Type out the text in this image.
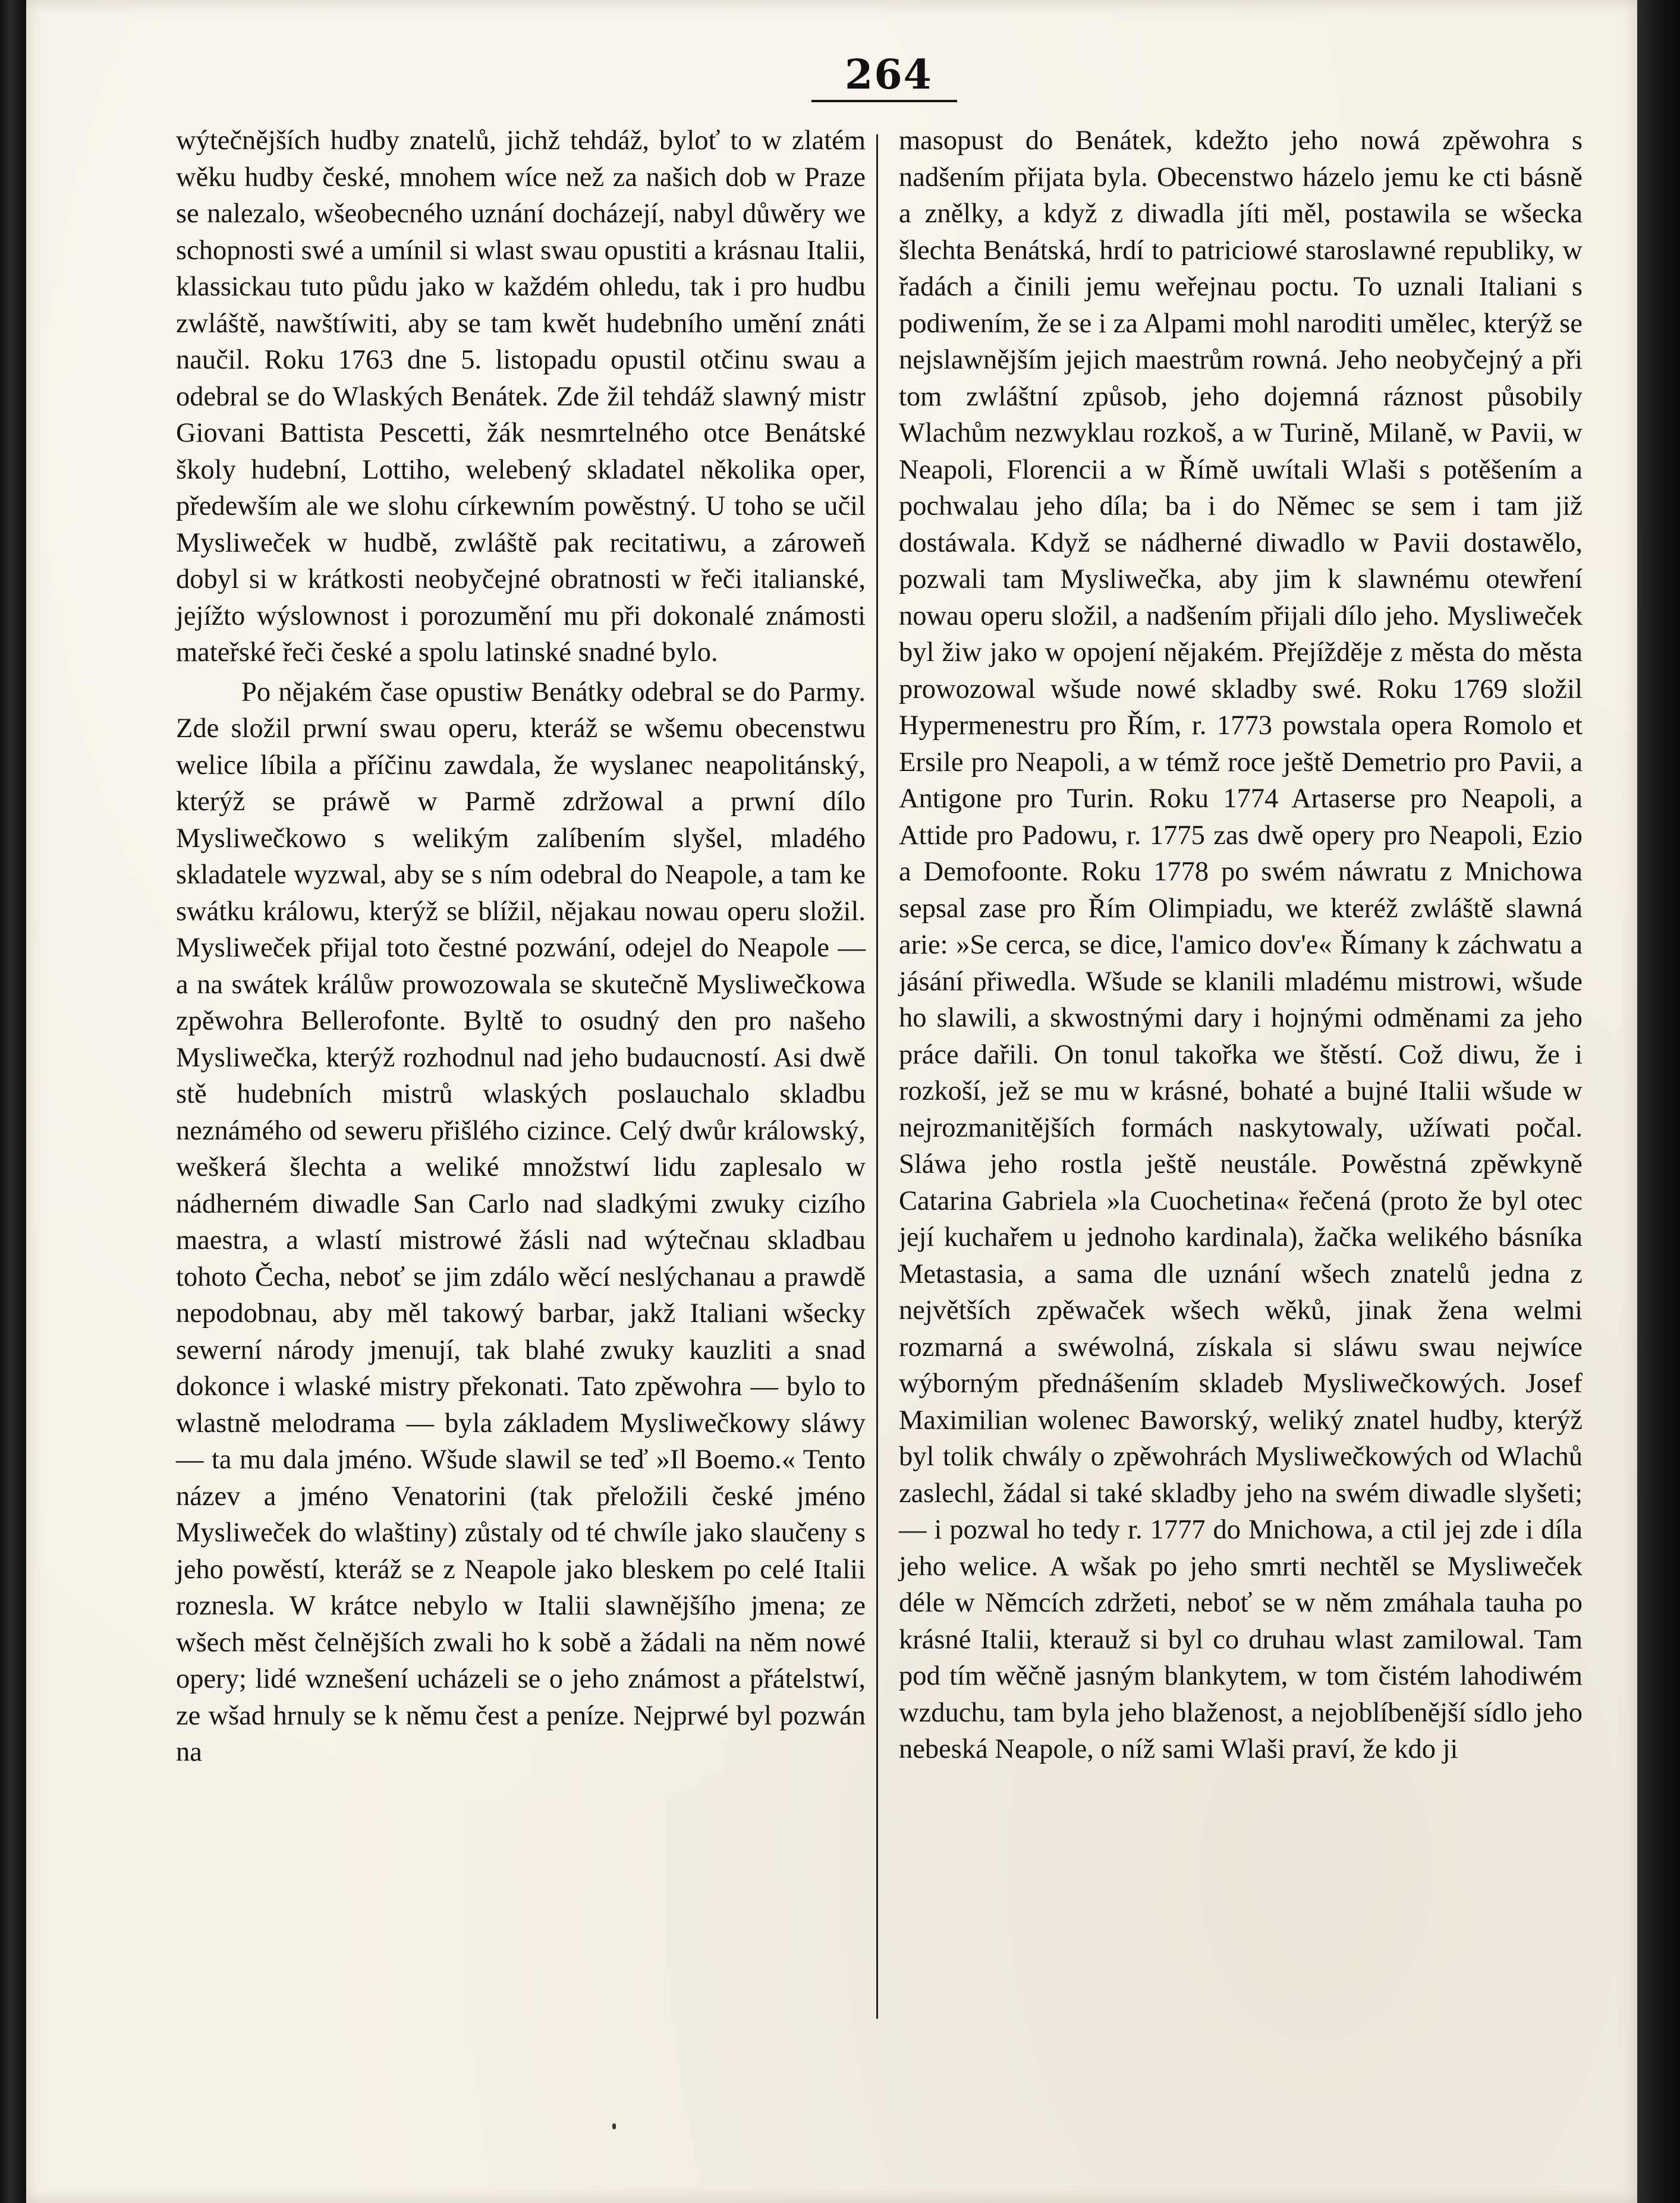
264

wýtečnějších hudby znatelů, jichž tehdáž, byloť to w zlatém wěku hudby české, mnohem wíce než za našich dob w Praze se nalezalo, wšeobecného uznání docházejí, nabyl důwěry we schopnosti swé a umínil si wlast swau opustiti a krásnau Italii, klassickau tuto půdu jako w každém ohledu, tak i pro hudbu zwláště, nawštíwiti, aby se tam kwět hudebního umění znáti naučil. Roku 1763 dne 5. listopadu opustil otčinu swau a odebral se do Wlaských Benátek. Zde žil tehdáž slawný mistr Giovani Battista Pescetti, žák nesmrtelného otce Benátské školy hudební, Lottiho, welebený skladatel několika oper, předewším ale we slohu církewním powěstný. U toho se učil Mysliweček w hudbě, zwláště pak recitatiwu, a zároweň dobyl si w krátkosti neobyčejné obratnosti w řeči italianské, jejížto wýslownost i porozumění mu při dokonalé známosti mateřské řeči české a spolu latinské snadné bylo.

Po nějakém čase opustiw Benátky odebral se do Parmy. Zde složil prwní swau operu, kteráž se wšemu obecenstwu welice líbila a příčinu zawdala, že wyslanec neapolitánský, kterýž se práwě w Parmě zdržowal a prwní dílo Mysliwečkowo s welikým zalíbením slyšel, mladého skladatele wyzwal, aby se s ním odebral do Neapole, a tam ke swátku králowu, kterýž se blížil, nějakau nowau operu složil. Mysliweček přijal toto čestné pozwání, odejel do Neapole — a na swátek králůw prowozowala se skutečně Mysliwečkowa zpěwohra Bellerofonte. Byltě to osudný den pro našeho Mysliwečka, kterýž rozhodnul nad jeho budaucností. Asi dwě stě hudebních mistrů wlaských poslauchalo skladbu neznámého od seweru přišlého cizince. Celý dwůr králowský, weškerá šlechta a weliké množstwí lidu zaplesalo w nádherném diwadle San Carlo nad sladkými zwuky cizího maestra, a wlastí mistrowé žásli nad wýtečnau skladbau tohoto Čecha, neboť se jim zdálo wěcí neslýchanau a prawdě nepodobnau, aby měl takowý barbar, jakž Italiani wšecky sewerní národy jmenují, tak blahé zwuky kauzliti a snad dokonce i wlaské mistry překonati. Tato zpěwohra — bylo to wlastně melodrama — byla základem Mysliwečkowy sláwy — ta mu dala jméno. Wšude slawil se teď »Il Boemo.« Tento název a jméno Venatorini (tak přeložili české jméno Mysliweček do wlaštiny) zůstaly od té chwíle jako slaučeny s jeho powěstí, kteráž se z Neapole jako bleskem po celé Italii roznesla. W krátce nebylo w Italii slawnějšího jmena; ze wšech měst čelnějších zwali ho k sobě a žádali na něm nowé opery; lidé wznešení ucházeli se o jeho známost a přátelstwí, ze wšad hrnuly se k němu čest a peníze. Nejprwé byl pozwán na

masopust do Benátek, kdežto jeho nowá zpěwohra s nadšením přijata byla. Obecenstwo házelo jemu ke cti básně a znělky, a když z diwadla jíti měl, postawila se wšecka šlechta Benátská, hrdí to patriciowé staroslawné republiky, w řadách a činili jemu weřejnau poctu. To uznali Italiani s podiwením, že se i za Alpami mohl naroditi umělec, kterýž se nejslawnějším jejich maestrům rowná. Jeho neobyčejný a při tom zwláštní způsob, jeho dojemná ráznost působily Wlachům nezwyklau rozkoš, a w Turině, Milaně, w Pavii, w Neapoli, Florencii a w Římě uwítali Wlaši s potěšením a pochwalau jeho díla; ba i do Němec se sem i tam již dostáwala. Když se nádherné diwadlo w Pavii dostawělo, pozwali tam Mysliwečka, aby jim k slawnému otewření nowau operu složil, a nadšením přijali dílo jeho. Mysliweček byl žiw jako w opojení nějakém. Přejížděje z města do města prowozowal wšude nowé skladby swé. Roku 1769 složil Hypermenestru pro Řím, r. 1773 powstala opera Romolo et Ersile pro Neapoli, a w témž roce ještě Demetrio pro Pavii, a Antigone pro Turin. Roku 1774 Artaserse pro Neapoli, a Attide pro Padowu, r. 1775 zas dwě opery pro Neapoli, Ezio a Demofoonte. Roku 1778 po swém náwratu z Mnichowa sepsal zase pro Řím Olimpiadu, we kteréž zwláště slawná arie: »Se cerca, se dice, l'amico dov'e« Římany k záchwatu a jásání přiwedla. Wšude se klanili mladému mistrowi, wšude ho slawili, a skwostnými dary i hojnými odměnami za jeho práce dařili. On tonul takořka we štěstí. Což diwu, že i rozkoší, jež se mu w krásné, bohaté a bujné Italii wšude w nejrozmanitějších formách naskytowaly, užíwati počal. Sláwa jeho rostla ještě neustále. Powěstná zpěwkyně Catarina Gabriela »la Cuochetina« řečená (proto že byl otec její kuchařem u jednoho kardinala), žačka welikého básníka Metastasia, a sama dle uznání wšech znatelů jedna z největších zpěwaček wšech wěků, jinak žena welmi rozmarná a swéwolná, získala si sláwu swau nejwíce wýborným přednášením skladeb Mysliwečkowých. Josef Maximilian wolenec Baworský, weliký znatel hudby, kterýž byl tolik chwály o zpěwohrách Mysliwečkowých od Wlachů zaslechl, žádal si také skladby jeho na swém diwadle slyšeti; — i pozwal ho tedy r. 1777 do Mnichowa, a ctil jej zde i díla jeho welice. A wšak po jeho smrti nechtěl se Mysliweček déle w Němcích zdržeti, neboť se w něm zmáhala tauha po krásné Italii, kterauž si byl co druhau wlast zamilowal. Tam pod tím wěčně jasným blankytem, w tom čistém lahodiwém wzduchu, tam byla jeho blaženost, a nejoblíbenější sídlo jeho nebeská Neapole, o níž sami Wlaši praví, že kdo ji
